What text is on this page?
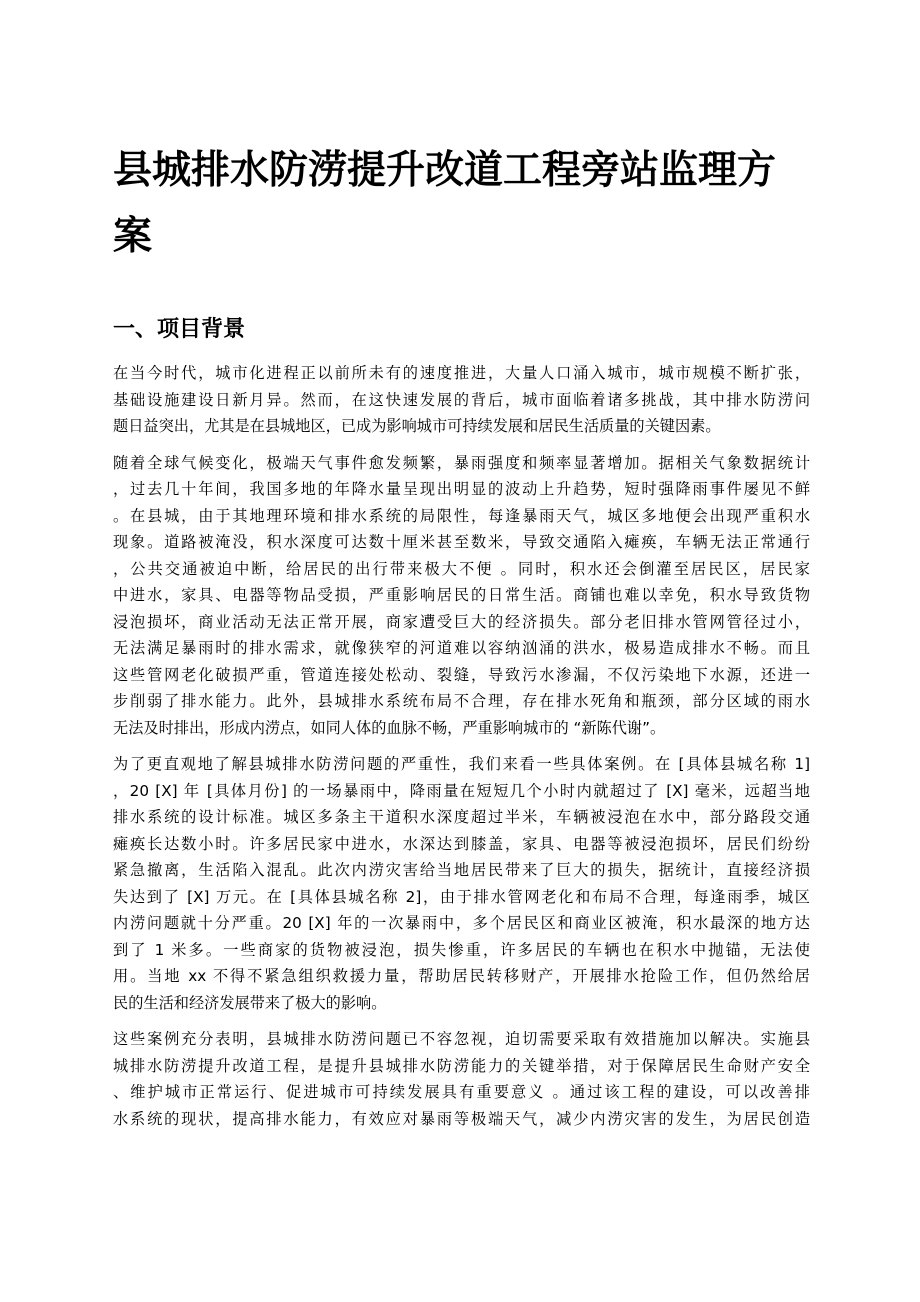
县城排水防涝提升改道工程旁站监理方
案
一、项目背景

在当今时代，城市化进程正以前所未有的速度推进，大量人口涌入城市，城市规模不断扩张，
基础设施建设日新月异。然而，在这快速发展的背后，城市面临着诸多挑战，其中排水防涝问
题日益突出，尤其是在县城地区，已成为影响城市可持续发展和居民生活质量的关键因素。

随着全球气候变化，极端天气事件愈发频繁，暴雨强度和频率显著增加。据相关气象数据统计
，过去几十年间，我国多地的年降水量呈现出明显的波动上升趋势，短时强降雨事件屡见不鲜
。在县城，由于其地理环境和排水系统的局限性，每逢暴雨天气，城区多地便会出现严重积水
现象。道路被淹没，积水深度可达数十厘米甚至数米，导致交通陷入瘫痪，车辆无法正常通行
，公共交通被迫中断，给居民的出行带来极大不便 。同时，积水还会倒灌至居民区，居民家
中进水，家具、电器等物品受损，严重影响居民的日常生活。商铺也难以幸免，积水导致货物
浸泡损坏，商业活动无法正常开展，商家遭受巨大的经济损失。部分老旧排水管网管径过小，
无法满足暴雨时的排水需求，就像狭窄的河道难以容纳汹涌的洪水，极易造成排水不畅。而且
这些管网老化破损严重，管道连接处松动、裂缝，导致污水渗漏，不仅污染地下水源，还进一
步削弱了排水能力。此外，县城排水系统布局不合理，存在排水死角和瓶颈，部分区域的雨水
无法及时排出，形成内涝点，如同人体的血脉不畅，严重影响城市的 “新陈代谢”。

为了更直观地了解县城排水防涝问题的严重性，我们来看一些具体案例。在 [具体县城名称 1]
，20 [X] 年 [具体月份] 的一场暴雨中，降雨量在短短几个小时内就超过了 [X] 毫米，远超当地
排水系统的设计标准。城区多条主干道积水深度超过半米，车辆被浸泡在水中，部分路段交通
瘫痪长达数小时。许多居民家中进水，水深达到膝盖，家具、电器等被浸泡损坏，居民们纷纷
紧急撤离，生活陷入混乱。此次内涝灾害给当地居民带来了巨大的损失，据统计，直接经济损
失达到了 [X] 万元。在 [具体县城名称 2]，由于排水管网老化和布局不合理，每逢雨季，城区
内涝问题就十分严重。20 [X] 年的一次暴雨中，多个居民区和商业区被淹，积水最深的地方达
到了 1 米多。一些商家的货物被浸泡，损失惨重，许多居民的车辆也在积水中抛锚，无法使
用。当地 xx 不得不紧急组织救援力量，帮助居民转移财产，开展排水抢险工作，但仍然给居
民的生活和经济发展带来了极大的影响。

这些案例充分表明，县城排水防涝问题已不容忽视，迫切需要采取有效措施加以解决。实施县
城排水防涝提升改道工程，是提升县城排水防涝能力的关键举措，对于保障居民生命财产安全
、维护城市正常运行、促进城市可持续发展具有重要意义 。通过该工程的建设，可以改善排
水系统的现状，提高排水能力，有效应对暴雨等极端天气，减少内涝灾害的发生，为居民创造
